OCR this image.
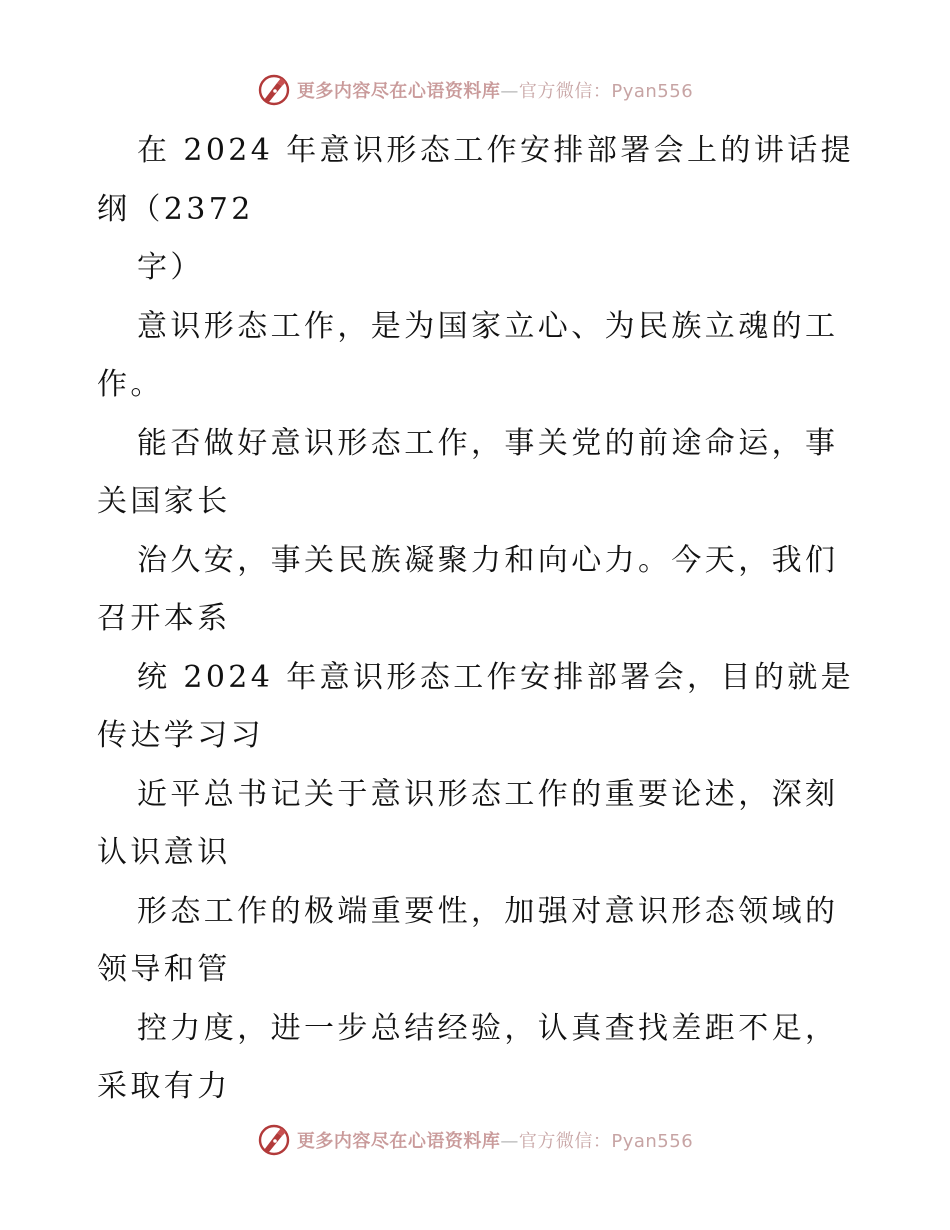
更多内容尽在心语资料库—官方微信：Pyan556
在 2024 年意识形态工作安排部署会上的讲话提
纲（2372
字）
意识形态工作，是为国家立心、为民族立魂的工
作。
能否做好意识形态工作，事关党的前途命运，事
关国家长
治久安，事关民族凝聚力和向心力。今天，我们
召开本系
统 2024 年意识形态工作安排部署会，目的就是
传达学习习
近平总书记关于意识形态工作的重要论述，深刻
认识意识
形态工作的极端重要性，加强对意识形态领域的
领导和管
控力度，进一步总结经验，认真查找差距不足，
采取有力
更多内容尽在心语资料库—官方微信：Pyan556
